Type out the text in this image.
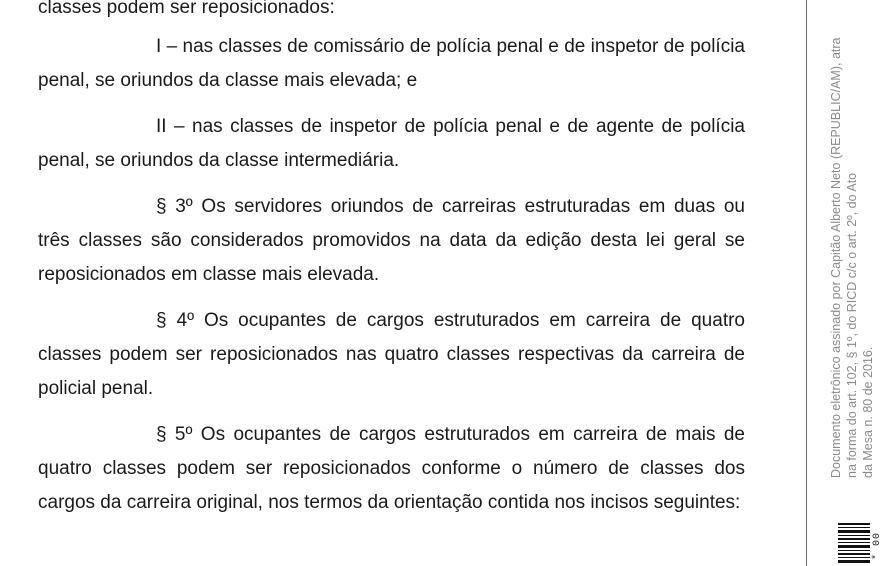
classes podem ser reposicionados:

I – nas classes de comissário de polícia penal e de inspetor de polícia penal, se oriundos da classe mais elevada; e

II – nas classes de inspetor de polícia penal e de agente de polícia penal, se oriundos da classe intermediária.

§ 3º Os servidores oriundos de carreiras estruturadas em duas ou três classes são considerados promovidos na data da edição desta lei geral se reposicionados em classe mais elevada.

§ 4º Os ocupantes de cargos estruturados em carreira de quatro classes podem ser reposicionados nas quatro classes respectivas da carreira de policial penal.

§ 5º Os ocupantes de cargos estruturados em carreira de mais de quatro classes podem ser reposicionados conforme o número de classes dos cargos da carreira original, nos termos da orientação contida nos incisos seguintes:

Documento eletrônico assinado por Capitão Alberto Neto (REPUBLIC/AM), atra na forma do art. 102, § 1º, do RICD c/c o art. 2º, do Ato da Mesa n. 80 de 2016.
* 00
